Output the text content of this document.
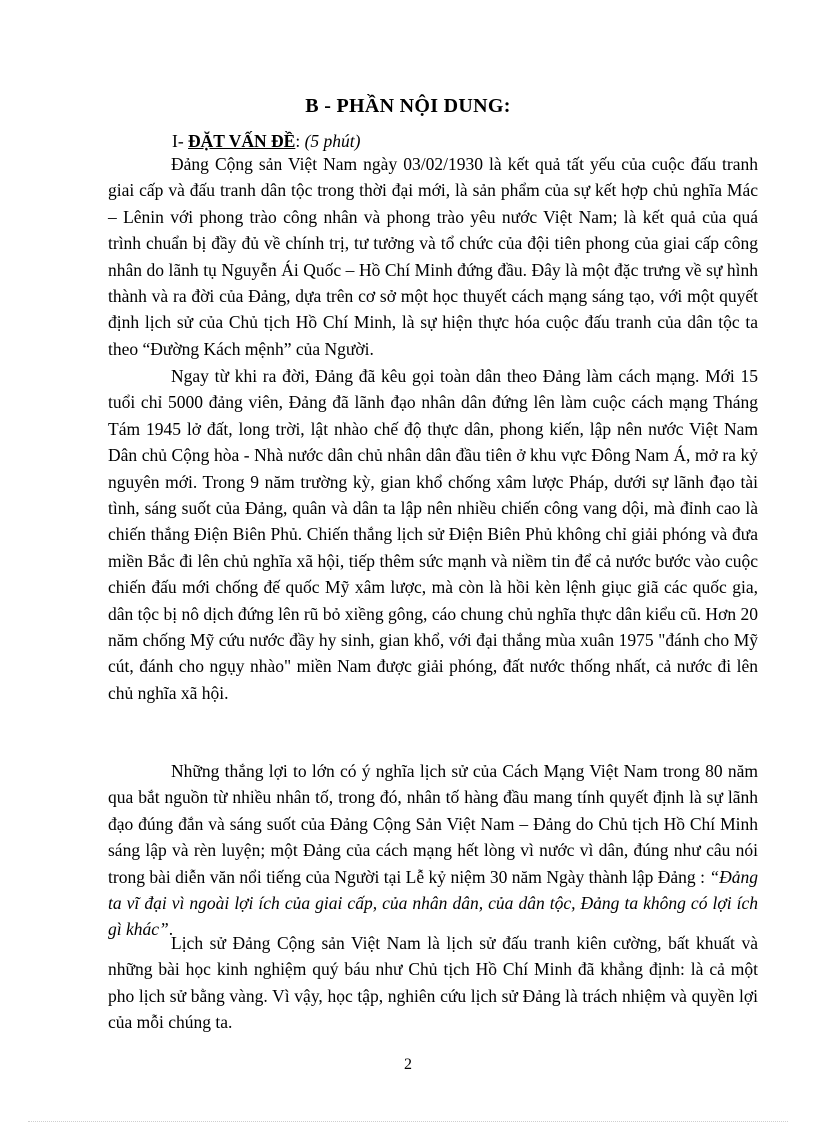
B - PHẦN NỘI DUNG:
I- ĐẶT VẤN ĐỀ: (5 phút)

Đảng Cộng sản Việt Nam ngày 03/02/1930 là kết quả tất yếu của cuộc đấu tranh giai cấp và đấu tranh dân tộc trong thời đại mới, là sản phẩm của sự kết hợp chủ nghĩa Mác – Lênin với phong trào công nhân và phong trào yêu nước Việt Nam; là kết quả của quá trình chuẩn bị đầy đủ về chính trị, tư tưởng và tổ chức của đội tiên phong của giai cấp công nhân do lãnh tụ Nguyễn Ái Quốc – Hồ Chí Minh đứng đầu. Đây là một đặc trưng về sự hình thành và ra đời của Đảng, dựa trên cơ sở một học thuyết cách mạng sáng tạo, với một quyết định lịch sử của Chủ tịch Hồ Chí Minh, là sự hiện thực hóa cuộc đấu tranh của dân tộc ta theo “Đường Kách mệnh” của Người.

Ngay từ khi ra đời, Đảng đã kêu gọi toàn dân theo Đảng làm cách mạng. Mới 15 tuổi chỉ 5000 đảng viên, Đảng đã lãnh đạo nhân dân đứng lên làm cuộc cách mạng Tháng Tám 1945 lở đất, long trời, lật nhào chế độ thực dân, phong kiến, lập nên nước Việt Nam Dân chủ Cộng hòa - Nhà nước dân chủ nhân dân đầu tiên ở khu vực Đông Nam Á, mở ra kỷ nguyên mới. Trong 9 năm trường kỳ, gian khổ chống xâm lược Pháp, dưới sự lãnh đạo tài tình, sáng suốt của Đảng, quân và dân ta lập nên nhiều chiến công vang dội, mà đỉnh cao là chiến thắng Điện Biên Phủ. Chiến thắng lịch sử Điện Biên Phủ không chỉ giải phóng và đưa miền Bắc đi lên chủ nghĩa xã hội, tiếp thêm sức mạnh và niềm tin để cả nước bước vào cuộc chiến đấu mới chống đế quốc Mỹ xâm lược, mà còn là hồi kèn lệnh giục giã các quốc gia, dân tộc bị nô dịch đứng lên rũ bỏ xiềng gông, cáo chung chủ nghĩa thực dân kiểu cũ. Hơn 20 năm chống Mỹ cứu nước đầy hy sinh, gian khổ, với đại thắng mùa xuân 1975 "đánh cho Mỹ cút, đánh cho ngụy nhào" miền Nam được giải phóng, đất nước thống nhất, cả nước đi lên chủ nghĩa xã hội.

Những thắng lợi to lớn có ý nghĩa lịch sử của Cách Mạng Việt Nam trong 80 năm qua bắt nguồn từ nhiều nhân tố, trong đó, nhân tố hàng đầu mang tính quyết định là sự lãnh đạo đúng đắn và sáng suốt của Đảng Cộng Sản Việt Nam – Đảng do Chủ tịch Hồ Chí Minh sáng lập và rèn luyện; một Đảng của cách mạng hết lòng vì nước vì dân, đúng như câu nói trong bài diễn văn nổi tiếng của Người tại Lễ kỷ niệm 30 năm Ngày thành lập Đảng : “Đảng ta vĩ đại vì ngoài lợi ích của giai cấp, của nhân dân, của dân tộc, Đảng ta không có lợi ích gì khác”.

Lịch sử Đảng Cộng sản Việt Nam là lịch sử đấu tranh kiên cường, bất khuất và những bài học kinh nghiệm quý báu như Chủ tịch Hồ Chí Minh đã khẳng định: là cả một pho lịch sử bằng vàng. Vì vậy, học tập, nghiên cứu lịch sử Đảng là trách nhiệm và quyền lợi của mỗi chúng ta.

2
